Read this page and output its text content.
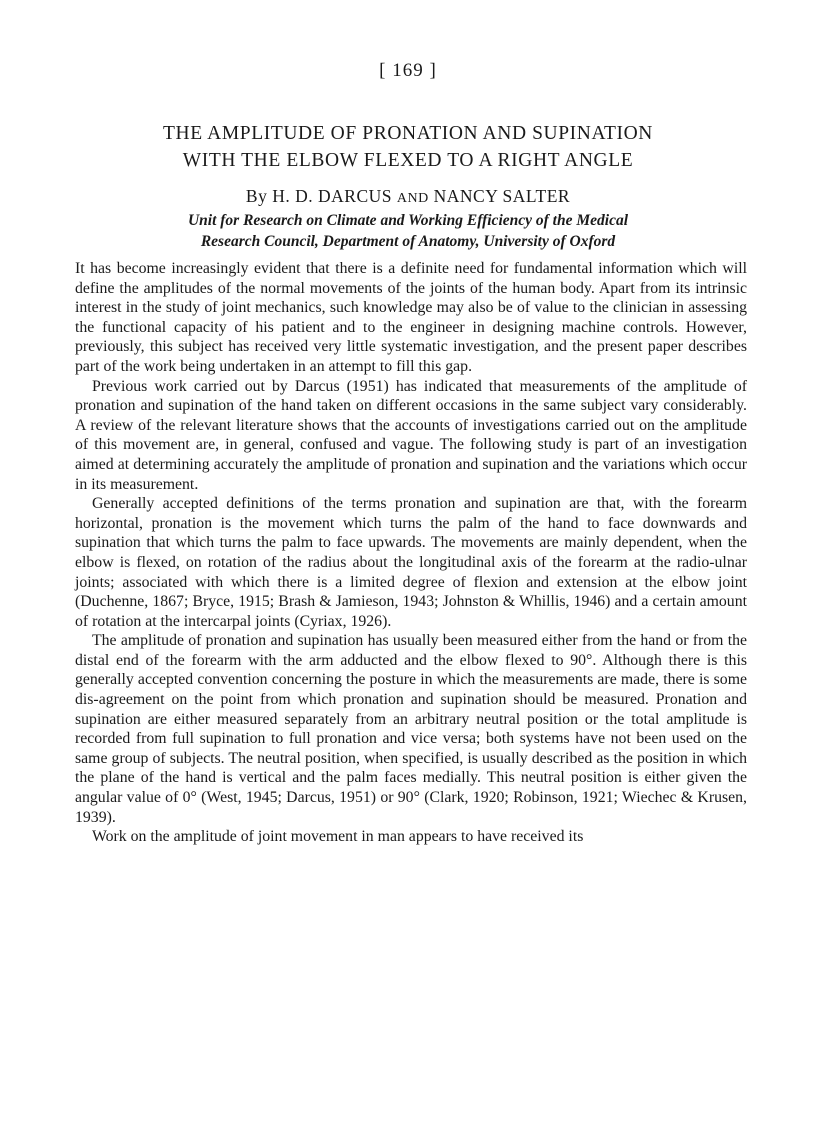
[ 169 ]
THE AMPLITUDE OF PRONATION AND SUPINATION
WITH THE ELBOW FLEXED TO A RIGHT ANGLE
By H. D. DARCUS AND NANCY SALTER
Unit for Research on Climate and Working Efficiency of the Medical
Research Council, Department of Anatomy, University of Oxford

It has become increasingly evident that there is a definite need for fundamental information which will define the amplitudes of the normal movements of the joints of the human body. Apart from its intrinsic interest in the study of joint mechanics, such knowledge may also be of value to the clinician in assessing the functional capacity of his patient and to the engineer in designing machine controls. However, previously, this subject has received very little systematic investigation, and the present paper describes part of the work being undertaken in an attempt to fill this gap.

Previous work carried out by Darcus (1951) has indicated that measurements of the amplitude of pronation and supination of the hand taken on different occasions in the same subject vary considerably. A review of the relevant literature shows that the accounts of investigations carried out on the amplitude of this movement are, in general, confused and vague. The following study is part of an investigation aimed at determining accurately the amplitude of pronation and supination and the variations which occur in its measurement.

Generally accepted definitions of the terms pronation and supination are that, with the forearm horizontal, pronation is the movement which turns the palm of the hand to face downwards and supination that which turns the palm to face upwards. The movements are mainly dependent, when the elbow is flexed, on rotation of the radius about the longitudinal axis of the forearm at the radio-ulnar joints; associated with which there is a limited degree of flexion and extension at the elbow joint (Duchenne, 1867; Bryce, 1915; Brash & Jamieson, 1943; Johnston & Whillis, 1946) and a certain amount of rotation at the intercarpal joints (Cyriax, 1926).

The amplitude of pronation and supination has usually been measured either from the hand or from the distal end of the forearm with the arm adducted and the elbow flexed to 90°. Although there is this generally accepted convention concerning the posture in which the measurements are made, there is some dis-agreement on the point from which pronation and supination should be measured. Pronation and supination are either measured separately from an arbitrary neutral position or the total amplitude is recorded from full supination to full pronation and vice versa; both systems have not been used on the same group of subjects. The neutral position, when specified, is usually described as the position in which the plane of the hand is vertical and the palm faces medially. This neutral position is either given the angular value of 0° (West, 1945; Darcus, 1951) or 90° (Clark, 1920; Robinson, 1921; Wiechec & Krusen, 1939).

Work on the amplitude of joint movement in man appears to have received its
